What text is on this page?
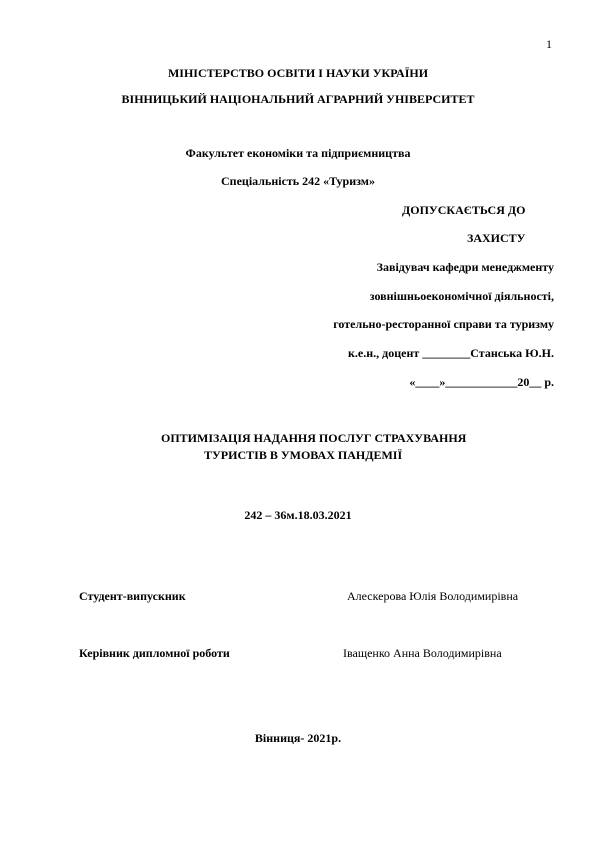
1
МІНІСТЕРСТВО ОСВІТИ І НАУКИ УКРАЇНИ
ВІННИЦЬКИЙ НАЦІОНАЛЬНИЙ АГРАРНИЙ УНІВЕРСИТЕТ
Факультет економіки та підприємництва
Спеціальність 242 «Туризм»
ДОПУСКАЄТЬСЯ ДО
ЗАХИСТУ
Завідувач кафедри менеджменту
зовнішньоекономічної діяльності,
готельно-ресторанної справи та туризму
к.е.н., доцент ________Станська Ю.Н.
«____»____________20__ р.
ОПТИМІЗАЦІЯ НАДАННЯ ПОСЛУГ СТРАХУВАННЯ
ТУРИСТІВ В УМОВАХ ПАНДЕМІЇ
242 – 36м.18.03.2021
Студент-випускник	Алескерова Юлія Володимирівна
Керівник дипломної роботи	Іващенко Анна Володимирівна
Вінниця- 2021р.
